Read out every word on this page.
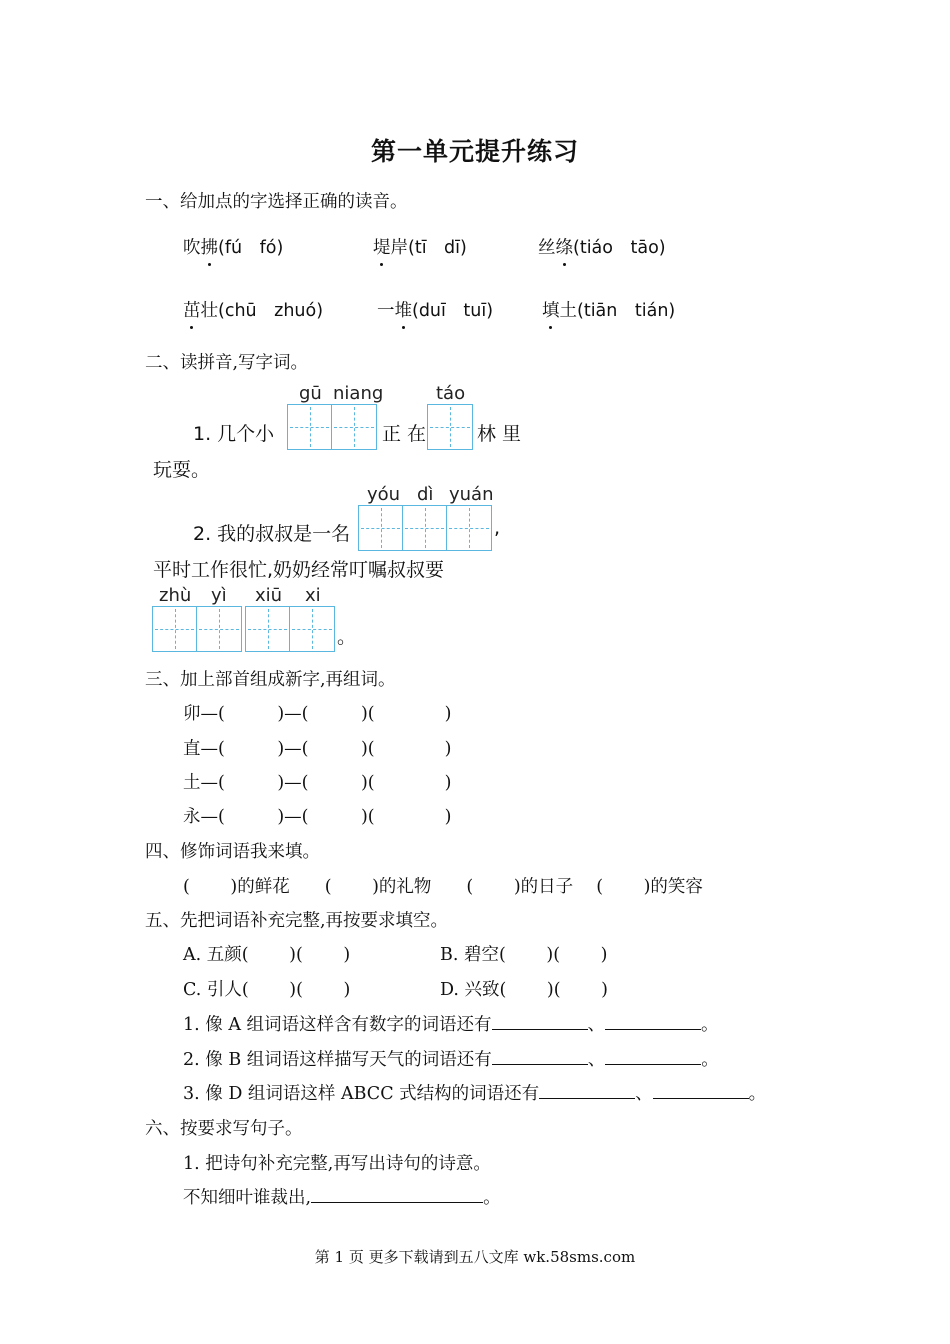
第一单元提升练习
一、给加点的字选择正确的读音。
吹拂(fú　fó)	堤岸(tī　dī)	丝绦(tiáo　tāo)
茁壮(chū　zhuó)	一堆(duī　tuī)	填土(tiān　tián)
二、读拼音,写字词。
gū niang	táo
1. 几个小	正 在	林 里
玩耍。
yóu dì yuán
2. 我的叔叔是一名	,
平时工作很忙,奶奶经常叮嘱叔叔要
zhù yì xiū xi
。
三、加上部首组成新字,再组词。
卯—(　　　)—(　　　)(　　　　)
直—(　　　)—(　　　)(　　　　)
土—(　　　)—(　　　)(　　　　)
永—(　　　)—(　　　)(　　　　)
四、修饰词语我来填。
(　　 )的鲜花　　(　　 )的礼物　　(　　 )的日子　 (　　 )的笑容
五、先把词语补充完整,再按要求填空。
A. 五颜(　　 )(　　 )	B. 碧空(　　 )(　　 )
C. 引人(　　 )(　　 )	D. 兴致(　　 )(　　 )
1. 像 A 组词语这样含有数字的词语还有	、	。
2. 像 B 组词语这样描写天气的词语还有	、	。
3. 像 D 组词语这样 ABCC 式结构的词语还有	、	。
六、按要求写句子。
1. 把诗句补充完整,再写出诗句的诗意。
不知细叶谁裁出,	。
第 1 页 更多下载请到五八文库 wk.58sms.com
